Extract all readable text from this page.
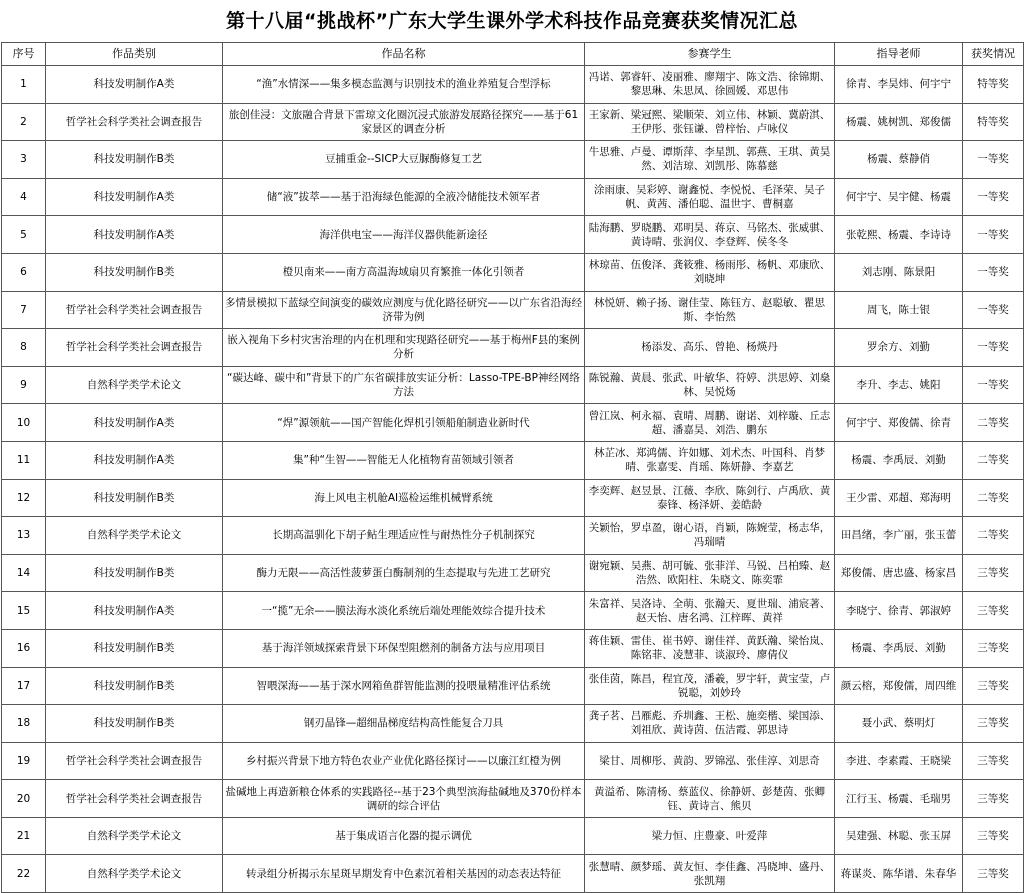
第十八届“挑战杯”广东大学生课外学术科技作品竞赛获奖情况汇总
序号	作品类别	作品名称	参赛学生	指导老师	获奖情况
1	科技发明制作A类	“渔”水情深——集多模态监测与识别技术的渔业养殖复合型浮标	冯诺、郭睿轩、凌丽雅、廖翔宇、陈文浩、徐锦期、黎思琳、朱思凤、徐圆媛、邓思伟	徐青、李昊炜、何宇宁	特等奖
2	哲学社会科学类社会调查报告	旅创佳浸：文旅融合背景下雷琼文化圈沉浸式旅游发展路径探究——基于61家景区的调查分析	王家新、梁冠熙、梁顺荣、刘立伟、林颖、冀蔚淇、王伊彤、张钰谦、曾梓怡、卢咏仪	杨震、姚树凯、郑俊儒	特等奖
3	科技发明制作B类	豆捕重金--SICP大豆脲酶修复工艺	牛思雅、卢曼、谭斯萍、李星凯、郭燕、王琪、黄昊然、刘洁琼、刘凯彤、陈慕慈	杨震、蔡静俏	一等奖
4	科技发明制作A类	储“液”拔萃——基于沿海绿色能源的全液冷储能技术领军者	涂雨康、吴彩婷、谢鑫悦、李悦悦、毛泽荣、吴子帆、黄茜、潘伯聪、温世宇、曹桐嘉	何宇宁、吴宇健、杨震	一等奖
5	科技发明制作A类	海洋供电宝——海洋仪器供能新途径	陆海鹏、罗晓鹏、邓明昊、蒋京、马铭杰、张威骐、黄诗晴、张润仪、李登辉、侯冬冬	张乾熙、杨震、李诗诗	一等奖
6	科技发明制作B类	橙贝南来——南方高温海域扇贝育繁推一体化引领者	林琼苗、伍俊泽、龚筱雅、杨雨彤、杨帆、邓康欣、刘晓坤	刘志刚、陈景阳	一等奖
7	哲学社会科学类社会调查报告	多情景模拟下蓝绿空间演变的碳效应测度与优化路径研究——以广东省沿海经济带为例	林悦妍、赖子扬、谢佳莹、陈钰方、赵聪敏、瞿思斯、李怡然	周飞，陈士银	一等奖
8	哲学社会科学类社会调查报告	嵌入视角下乡村灾害治理的内在机理和实现路径研究——基于梅州F县的案例分析	杨添发、高乐、曾艳、杨煐丹	罗余方、刘勤	一等奖
9	自然科学类学术论文	“碳达峰、碳中和”背景下的广东省碳排放实证分析：Lasso-TPE-BP神经网络方法	陈锐瀚、黄晨、张武、叶敏华、符婷、洪思婷、刘燊林、吴悦炀	李升、李志、姚阳	一等奖
10	科技发明制作A类	“焊”源领航——国产智能化焊机引领船舶制造业新时代	曾江岚、柯永福、袁晴、周鹏、谢诺、刘梓璇、丘志超、潘嘉昊、刘浩、鹏东	何宇宁、郑俊儒、徐青	二等奖
11	科技发明制作A类	集”种“生智——智能无人化植物育苗领域引领者	林芷冰、郑鸿儒、许如娜、刘术杰、叶国科、肖梦晴、张嘉雯、肖瑶、陈妍静、李嘉艺	杨震、李禹辰、刘勤	二等奖
12	科技发明制作B类	海上风电主机舱AI巡检运维机械臂系统	李奕辉、赵昱景、江薇、李欣、陈剑行、卢禹欣、黄泰锋、杨泽妍、姜皓龄	王少雷、邓超、郑海明	二等奖
13	自然科学类学术论文	长期高温驯化下胡子鲇生理适应性与耐热性分子机制探究	关颖怡，罗卓盈，谢心语，肖颖，陈婉莹，杨志华，冯瑞晴	田昌绪，李广丽，张玉蕾	二等奖
14	科技发明制作B类	酶力无限——高活性菠萝蛋白酶制剂的生态提取与先进工艺研究	谢宛颖、吴燕、胡可毓、张菲洋、马锐、吕柏臻、赵浩然、欧阳柱、朱晓文、陈奕霏	郑俊儒、唐忠盛、杨家昌	三等奖
15	科技发明制作A类	一“揽”无余——膜法海水淡化系统后端处理能效综合提升技术	朱富祥、吴洛诗、全萌、张瀚天、夏世瑞、浦宸著、赵天怡、唐名鸿、江梓晖、黄祥	李晓宁、徐青、郭淑婷	三等奖
16	科技发明制作B类	基于海洋领域探索背景下环保型阻燃剂的制备方法与应用项目	蒋佳颖、雷佳、崔书婷、谢佳祥、黄跃瀚、梁怡岚、陈铭菲、凌慧菲、谈淑玲、廖倩仪	杨震、李禹辰、刘勤	三等奖
17	科技发明制作B类	智喂深海——基于深水网箱鱼群智能监测的投喂量精准评估系统	张佳茵，陈昌，程宜茂，潘羲，罗宇轩，黄宝莹，卢锐聪，刘妙玲	颜云榕，郑俊儒，周四维	三等奖
18	科技发明制作B类	钢刃晶锋—超细晶梯度结构高性能复合刀具	龚子茗、吕雁彪、乔圳鑫、王松、施奕楷、梁国添、刘祖欣、黄诗茵、伍洁霞、郭思诗	聂小武、蔡明灯	三等奖
19	哲学社会科学类社会调查报告	乡村振兴背景下地方特色农业产业优化路径探讨——以廉江红橙为例	梁甘、周柳彤、黄韵、罗锦泓、张佳淳、刘思奇	李进、李素霞、王晓梁	三等奖
20	哲学社会科学类社会调查报告	盐碱地上再造新粮仓体系的实践路径--基于23个典型滨海盐碱地及370份样本调研的综合评估	黄溢希、陈清杨、蔡蓝仪、徐静妍、彭楚茵、张卿钰、黄诗言、熊贝	江行玉、杨震、毛瑞男	三等奖
21	自然科学类学术论文	基于集成语言化器的提示调优	梁力恒、庄豊豪、叶爱萍	吴建强、林聪、张玉屏	三等奖
22	自然科学类学术论文	转录组分析揭示东星斑早期发育中色素沉着相关基因的动态表达特征	张慧晴、颜梦瑶、黄友恒、李佳鑫、冯晓坤、盛丹、张凯翔	蒋谋炎、陈华谱、朱春华	三等奖
